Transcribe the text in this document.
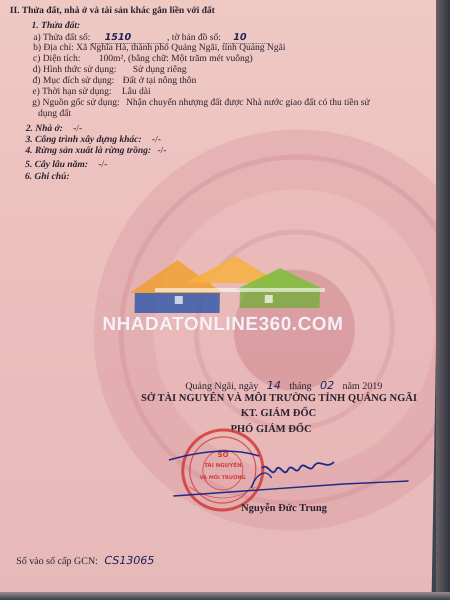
II. Thửa đất, nhà ở và tài sản khác gắn liền với đất
1. Thửa đất:
a) Thửa đất số: 1510	, tờ bản đồ số: 10
b) Địa chỉ: Xã Nghĩa Hà, thành phố Quảng Ngãi, tỉnh Quảng Ngãi
c) Diện tích: 100m², (bằng chữ: Một trăm mét vuông)
d) Hình thức sử dụng: Sử dụng riêng
đ) Mục đích sử dụng: Đất ở tại nông thôn
e) Thời hạn sử dụng: Lâu dài
g) Nguồn gốc sử dụng: Nhận chuyển nhượng đất được Nhà nước giao đất có thu tiền sử
dụng đất
2. Nhà ở: -/-
3. Công trình xây dựng khác: -/-
4. Rừng sản xuất là rừng trồng: -/-
5. Cây lâu năm: -/-
6. Ghi chú:
NHADATONLINE360.COM
Quảng Ngãi, ngày 14 tháng 02 năm 2019
SỞ TÀI NGUYÊN VÀ MÔI TRƯỜNG TỈNH QUẢNG NGÃI
KT. GIÁM ĐỐC
PHÓ GIÁM ĐỐC
SỞ
TÀI NGUYÊN
VÀ MÔI TRƯỜNG
Nguyễn Đức Trung
Số vào sổ cấp GCN: CS13065
